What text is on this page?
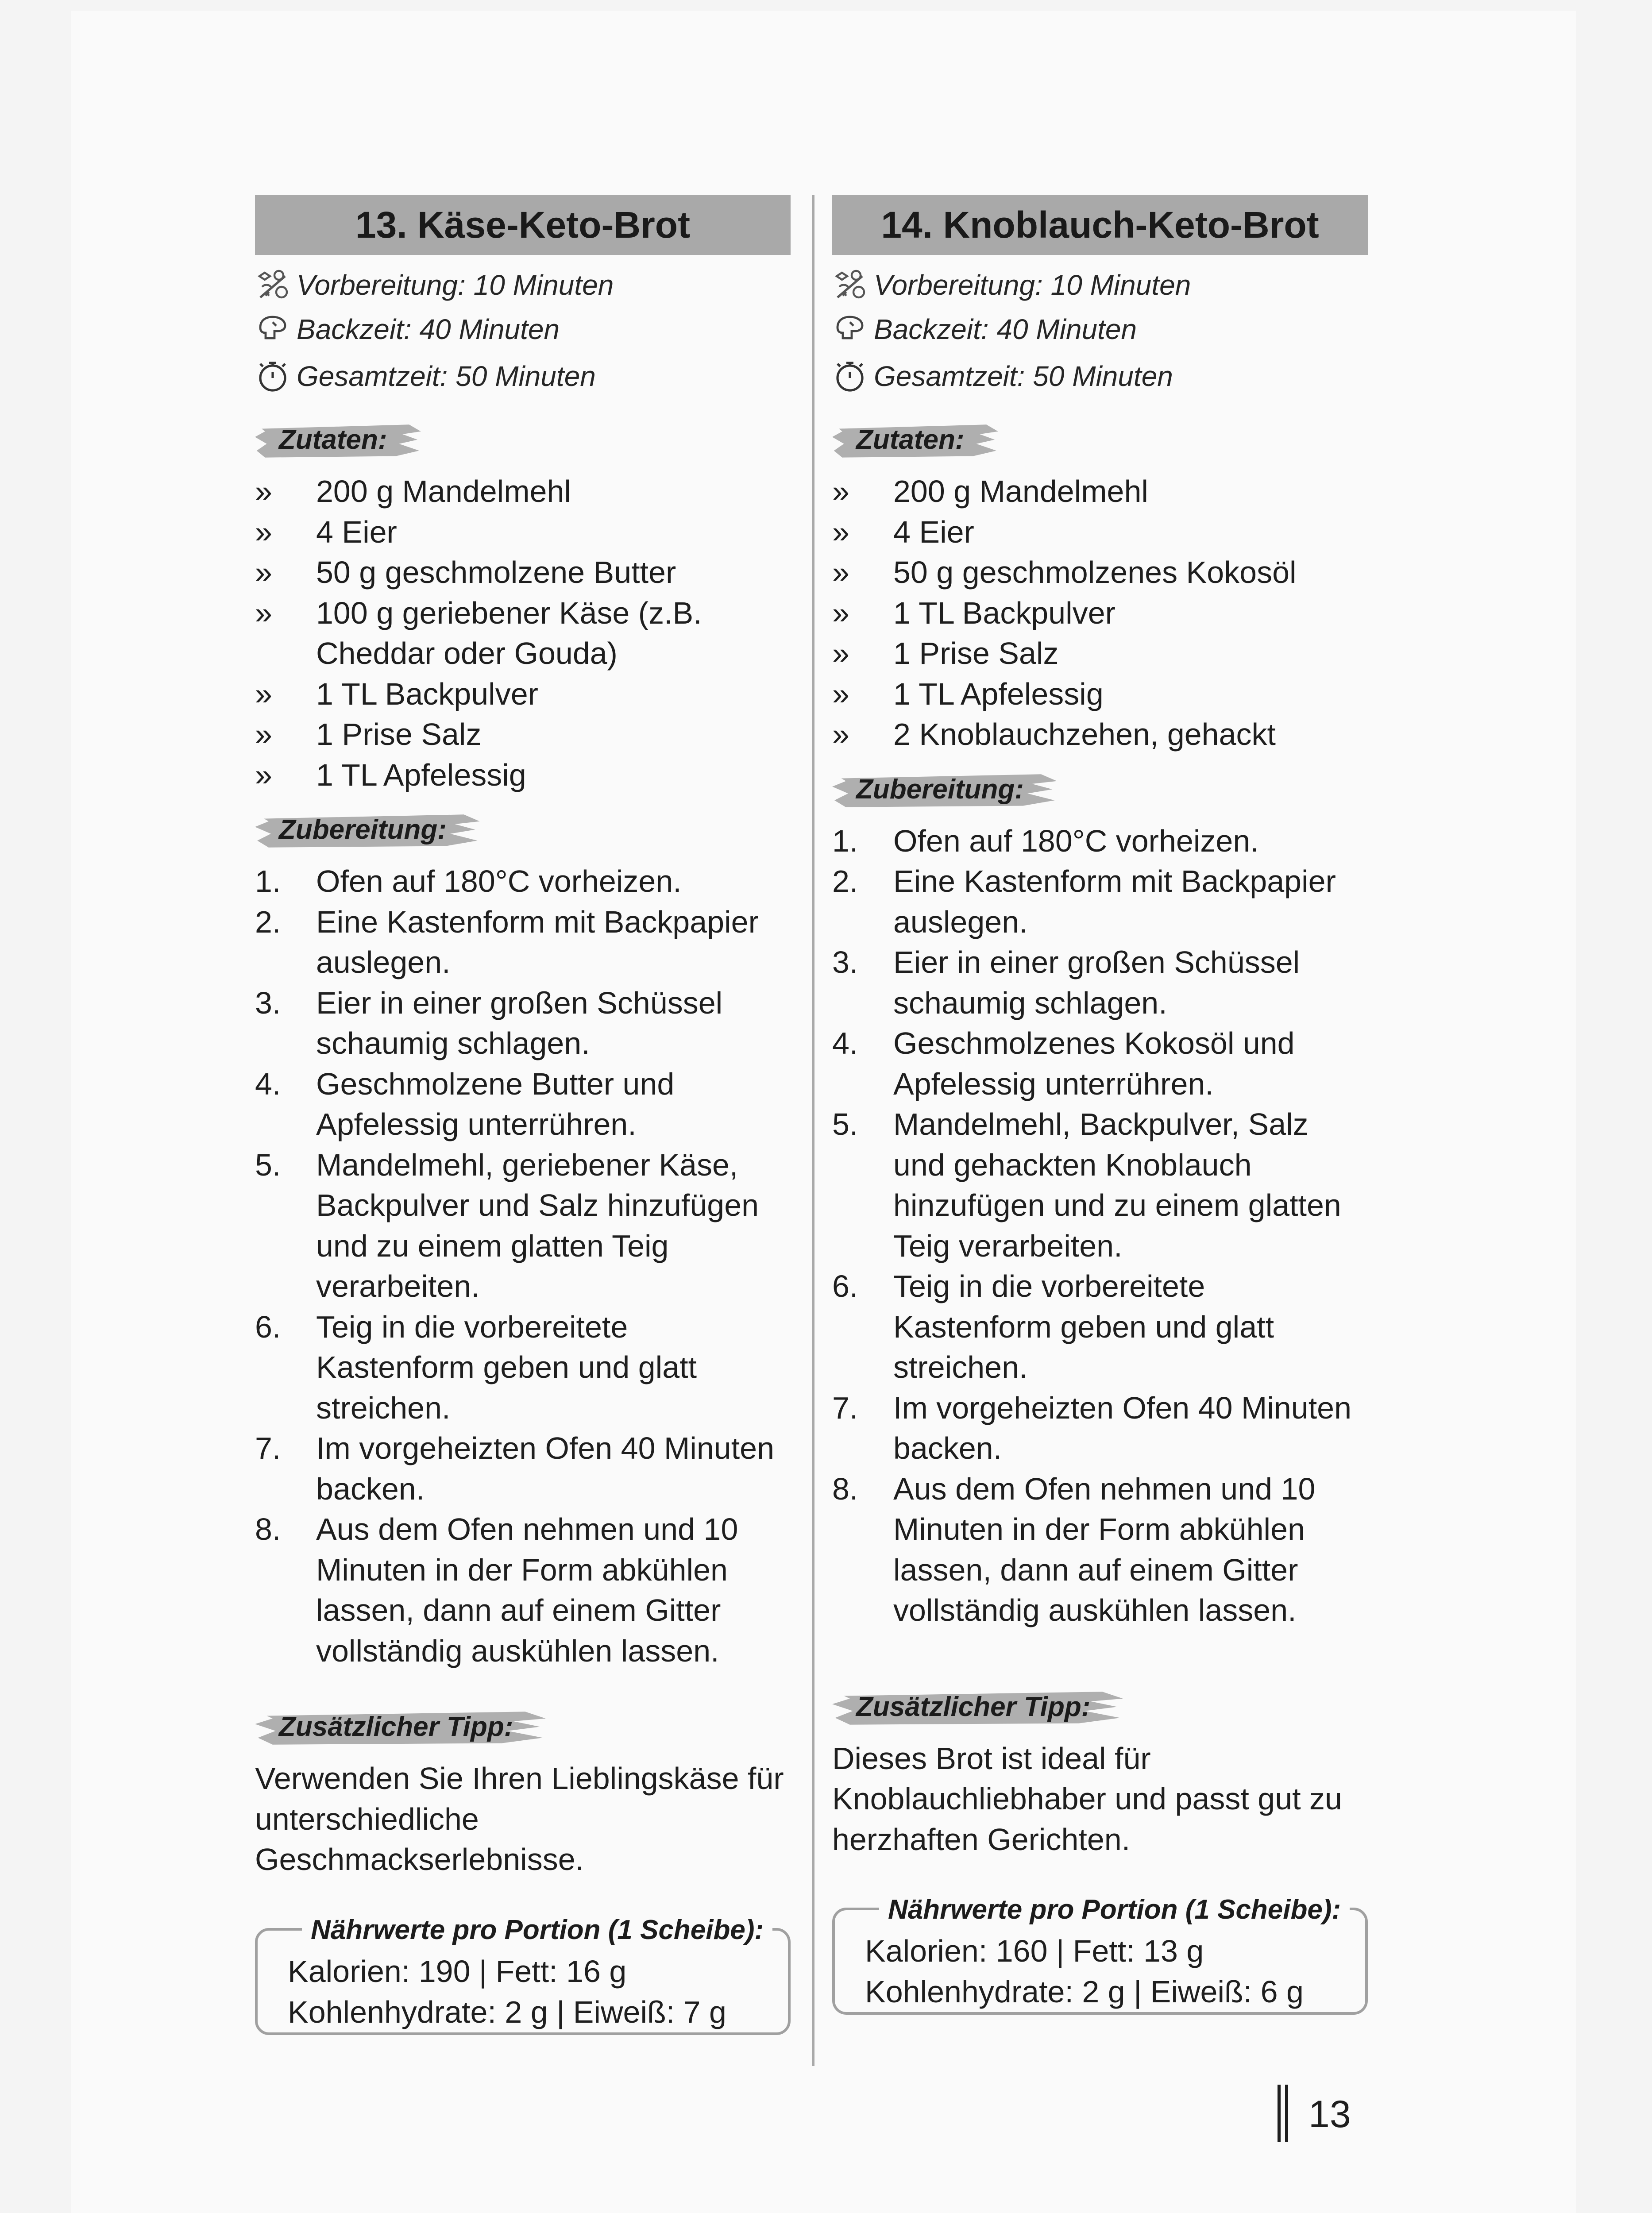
13
13. Käse-Keto-Brot
Vorbereitung: 10 Minuten
Backzeit: 40 Minuten
Gesamtzeit: 50 Minuten
Zutaten:
»	200 g Mandelmehl
»	4 Eier
»	50 g geschmolzene Butter
»	100 g geriebener Käse (z.B. Cheddar oder Gouda)
»	1 TL Backpulver
»	1 Prise Salz
»	1 TL Apfelessig
Zubereitung:
1.	Ofen auf 180°C vorheizen.
2.	Eine Kastenform mit Backpapier auslegen.
3.	Eier in einer großen Schüssel schaumig schlagen.
4.	Geschmolzene Butter und Apfelessig unterrühren.
5.	Mandelmehl, geriebener Käse, Backpulver und Salz hinzufügen und zu einem glatten Teig verarbeiten.
6.	Teig in die vorbereitete Kastenform geben und glatt streichen.
7.	Im vorgeheizten Ofen 40 Minuten backen.
8.	Aus dem Ofen nehmen und 10 Minuten in der Form abkühlen lassen, dann auf einem Gitter vollständig auskühlen lassen.
Zusätzlicher Tipp:
Verwenden Sie Ihren Lieblingskäse für unterschiedliche Geschmackserlebnisse.
Nährwerte pro Portion (1 Scheibe):
Kalorien: 190 | Fett: 16 g
Kohlenhydrate: 2 g | Eiweiß: 7 g
14. Knoblauch-Keto-Brot
Vorbereitung: 10 Minuten
Backzeit: 40 Minuten
Gesamtzeit: 50 Minuten
Zutaten:
»	200 g Mandelmehl
»	4 Eier
»	50 g geschmolzenes Kokosöl
»	1 TL Backpulver
»	1 Prise Salz
»	1 TL Apfelessig
»	2 Knoblauchzehen, gehackt
Zubereitung:
1.	Ofen auf 180°C vorheizen.
2.	Eine Kastenform mit Backpapier auslegen.
3.	Eier in einer großen Schüssel schaumig schlagen.
4.	Geschmolzenes Kokosöl und Apfelessig unterrühren.
5.	Mandelmehl, Backpulver, Salz und gehackten Knoblauch hinzufügen und zu einem glatten Teig verarbeiten.
6.	Teig in die vorbereitete Kastenform geben und glatt streichen.
7.	Im vorgeheizten Ofen 40 Minuten backen.
8.	Aus dem Ofen nehmen und 10 Minuten in der Form abkühlen lassen, dann auf einem Gitter vollständig auskühlen lassen.
Zusätzlicher Tipp:
Dieses Brot ist ideal für Knoblauchliebhaber und passt gut zu herzhaften Gerichten.
Nährwerte pro Portion (1 Scheibe):
Kalorien: 160 | Fett: 13 g
Kohlenhydrate: 2 g | Eiweiß: 6 g
